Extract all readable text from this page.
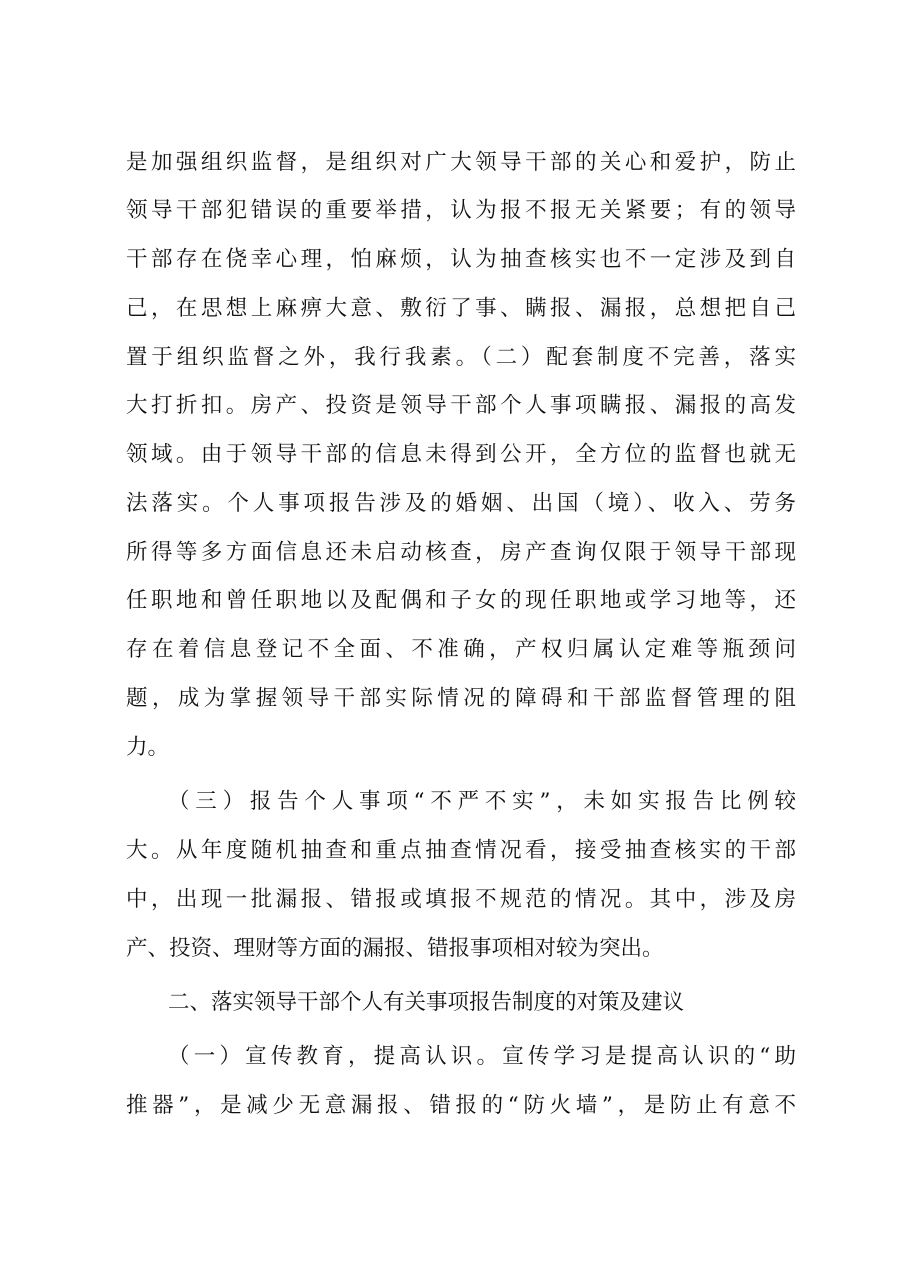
是加强组织监督，是组织对广大领导干部的关心和爱护，防止
领导干部犯错误的重要举措，认为报不报无关紧要；有的领导
干部存在侥幸心理，怕麻烦，认为抽查核实也不一定涉及到自
己，在思想上麻痹大意、敷衍了事、瞒报、漏报，总想把自己
置于组织监督之外，我行我素。（二）配套制度不完善，落实
大打折扣。房产、投资是领导干部个人事项瞒报、漏报的高发
领域。由于领导干部的信息未得到公开，全方位的监督也就无
法落实。个人事项报告涉及的婚姻、出国（境）、收入、劳务
所得等多方面信息还未启动核查，房产查询仅限于领导干部现
任职地和曾任职地以及配偶和子女的现任职地或学习地等，还
存在着信息登记不全面、不准确，产权归属认定难等瓶颈问
题，成为掌握领导干部实际情况的障碍和干部监督管理的阻
力。
（三）报告个人事项“不严不实”，未如实报告比例较
大。从年度随机抽查和重点抽查情况看，接受抽查核实的干部
中，出现一批漏报、错报或填报不规范的情况。其中，涉及房
产、投资、理财等方面的漏报、错报事项相对较为突出。
二、落实领导干部个人有关事项报告制度的对策及建议
（一）宣传教育，提高认识。宣传学习是提高认识的“助
推器”，是减少无意漏报、错报的“防火墙”，是防止有意不
